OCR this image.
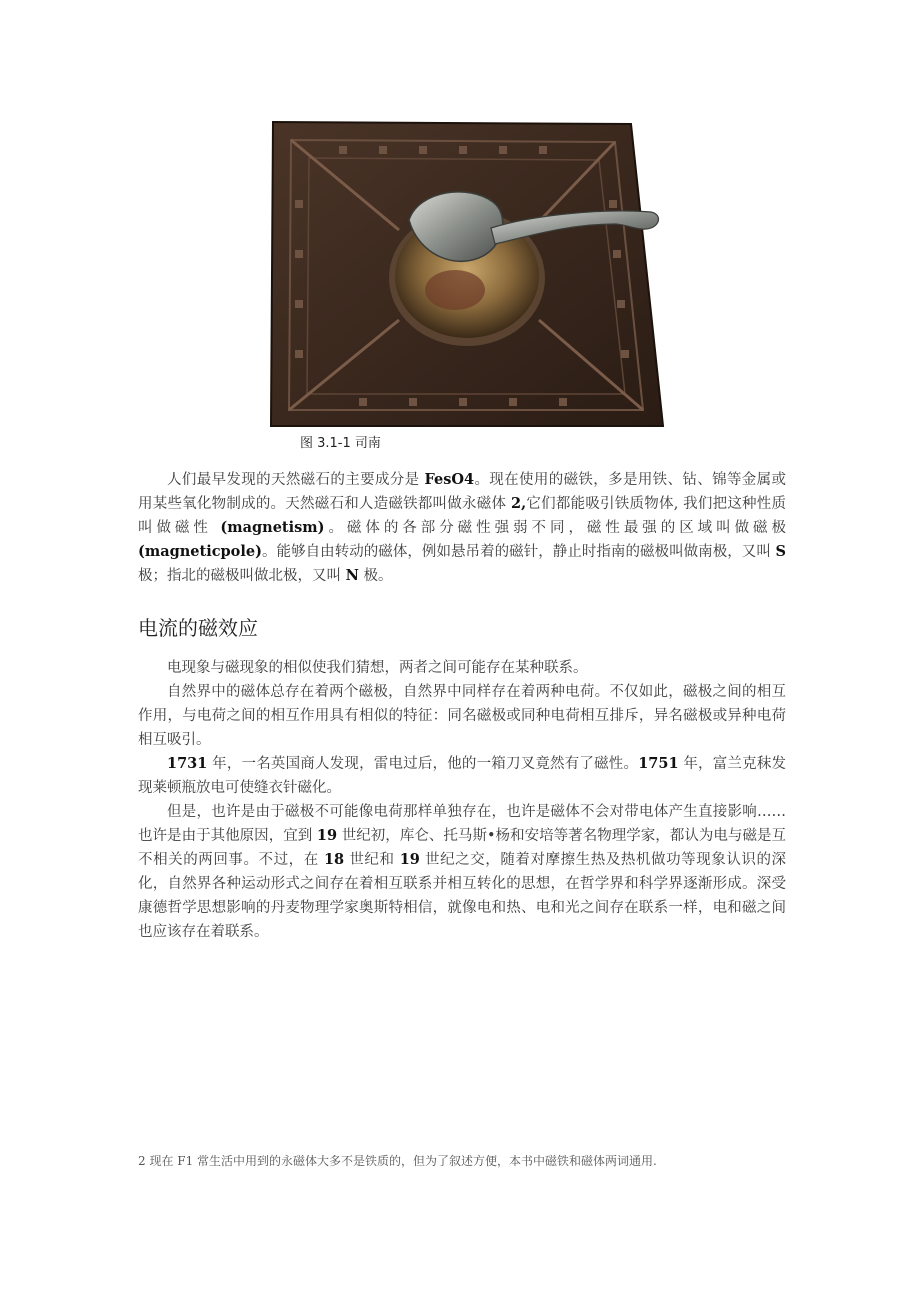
图 3.1-1 司南

人们最早发现的天然磁石的主要成分是 FesO4。现在使用的磁铁，多是用铁、钻、锦等金属或用某些氧化物制成的。天然磁石和人造磁铁都叫做永磁体 2,它们都能吸引铁质物体, 我们把这种性质叫做磁性 (magnetism)。磁体的各部分磁性强弱不同，磁性最强的区域叫做磁极 (magneticpole)。能够自由转动的磁体，例如悬吊着的磁针，静止时指南的磁极叫做南极，又叫 S 极；指北的磁极叫做北极，又叫 N 极。

电流的磁效应

电现象与磁现象的相似使我们猜想，两者之间可能存在某种联系。

自然界中的磁体总存在着两个磁极，自然界中同样存在着两种电荷。不仅如此，磁极之间的相互作用，与电荷之间的相互作用具有相似的特征：同名磁极或同种电荷相互排斥，异名磁极或异种电荷相互吸引。

1731 年，一名英国商人发现，雷电过后，他的一箱刀叉竟然有了磁性。1751 年，富兰克秣发现莱顿瓶放电可使缝衣针磁化。

但是，也许是由于磁极不可能像电荷那样单独存在，也许是磁体不会对带电体产生直接影响……也许是由于其他原因，宜到 19 世纪初，库仑、托马斯•杨和安培等著名物理学家，都认为电与磁是互不相关的两回事。不过，在 18 世纪和 19 世纪之交，随着对摩擦生热及热机做功等现象认识的深化，自然界各种运动形式之间存在着相互联系并相互转化的思想，在哲学界和科学界逐渐形成。深受康德哲学思想影响的丹麦物理学家奥斯特相信，就像电和热、电和光之间存在联系一样，电和磁之间也应该存在着联系。

2 现在 F1 常生活中用到的永磁体大多不是铁质的，但为了叙述方便，本书中磁铁和磁体两词通用.
